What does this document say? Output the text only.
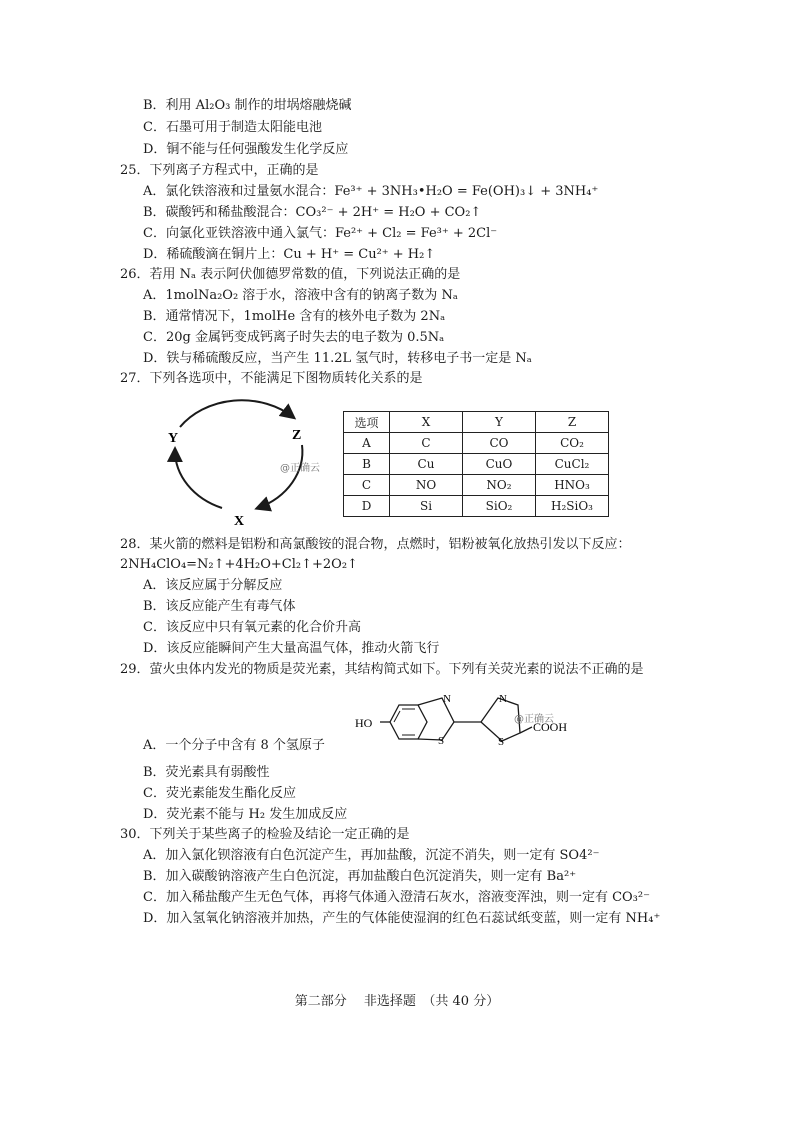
B．利用 Al₂O₃ 制作的坩埚熔融烧碱
C．石墨可用于制造太阳能电池
D．铜不能与任何强酸发生化学反应
25．下列离子方程式中，正确的是
A．氯化铁溶液和过量氨水混合：Fe³⁺ + 3NH₃•H₂O = Fe(OH)₃↓ + 3NH₄⁺
B．碳酸钙和稀盐酸混合：CO₃²⁻ + 2H⁺ = H₂O + CO₂↑
C．向氯化亚铁溶液中通入氯气：Fe²⁺ + Cl₂ = Fe³⁺ + 2Cl⁻
D．稀硫酸滴在铜片上：Cu + H⁺ = Cu²⁺ + H₂↑
26．若用 Nₐ 表示阿伏伽德罗常数的值，下列说法正确的是
A．1molNa₂O₂ 溶于水，溶液中含有的钠离子数为 Nₐ
B．通常情况下，1molHe 含有的核外电子数为 2Nₐ
C．20g 金属钙变成钙离子时失去的电子数为 0.5Nₐ
D．铁与稀硫酸反应，当产生 11.2L 氢气时，转移电子书一定是 Nₐ
27．下列各选项中，不能满足下图物质转化关系的是
Y	Z
X
@正确云
选项	X	Y	Z
A	C	CO	CO₂
B	Cu	CuO	CuCl₂
C	NO	NO₂	HNO₃
D	Si	SiO₂	H₂SiO₃
28．某火箭的燃料是铝粉和高氯酸铵的混合物，点燃时，铝粉被氧化放热引发以下反应：
2NH₄ClO₄=N₂↑+4H₂O+Cl₂↑+2O₂↑
A．该反应属于分解反应
B．该反应能产生有毒气体
C．该反应中只有氧元素的化合价升高
D．该反应能瞬间产生大量高温气体，推动火箭飞行
29．萤火虫体内发光的物质是荧光素，其结构简式如下。下列有关荧光素的说法不正确的是
HO
N
S
N
S
COOH
@正确云
A．一个分子中含有 8 个氢原子
B．荧光素具有弱酸性
C．荧光素能发生酯化反应
D．荧光素不能与 H₂ 发生加成反应
30．下列关于某些离子的检验及结论一定正确的是
A．加入氯化钡溶液有白色沉淀产生，再加盐酸，沉淀不消失，则一定有 SO4²⁻
B．加入碳酸钠溶液产生白色沉淀，再加盐酸白色沉淀消失，则一定有 Ba²⁺
C．加入稀盐酸产生无色气体，再将气体通入澄清石灰水，溶液变浑浊，则一定有 CO₃²⁻
D．加入氢氧化钠溶液并加热，产生的气体能使湿润的红色石蕊试纸变蓝，则一定有 NH₄⁺
第二部分　 非选择题　（共 40 分）
